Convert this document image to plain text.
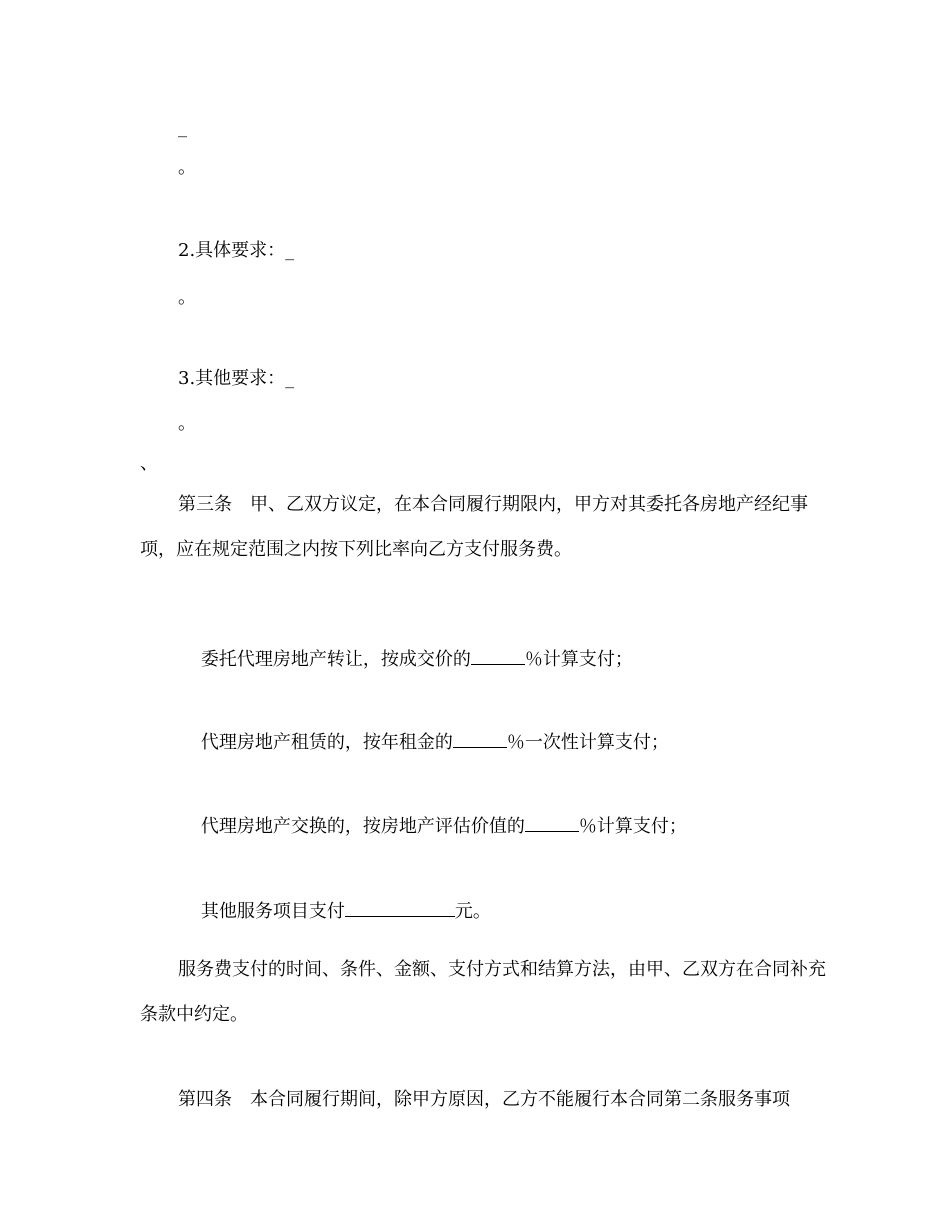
_
。
2.具体要求：_
。
3.其他要求：_
。
、
第三条　甲、乙双方议定，在本合同履行期限内，甲方对其委托各房地产经纪事
项，应在规定范围之内按下列比率向乙方支付服务费。

委托代理房地产转让，按成交价的	％计算支付；

代理房地产租赁的，按年租金的	％一次性计算支付；

代理房地产交换的，按房地产评估价值的	％计算支付；

其他服务项目支付	元。

服务费支付的时间、条件、金额、支付方式和结算方法，由甲、乙双方在合同补充
条款中约定。
第四条　本合同履行期间，除甲方原因，乙方不能履行本合同第二条服务事项
